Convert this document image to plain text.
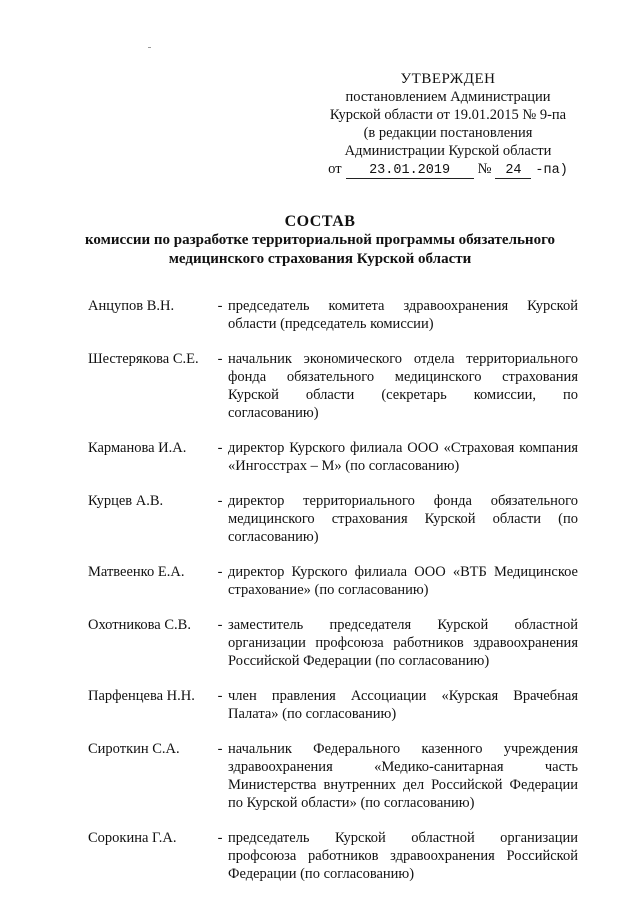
УТВЕРЖДЕН
постановлением Администрации
Курской области от 19.01.2015 № 9-па
(в редакции постановления
Администрации Курской области
от	23.01.2019	№	24	-па)
СОСТАВ
комиссии по разработке территориальной программы обязательного
медицинского страхования Курской области
Анцупов В.Н.	- председатель комитета здравоохранения Курской области (председатель комиссии)
Шестерякова С.Е.	- начальник экономического отдела территориального фонда обязательного медицинского страхования Курской области (секретарь комиссии, по согласованию)
Карманова И.А.	- директор Курского филиала ООО «Страховая компания «Ингосстрах – М» (по согласованию)
Курцев А.В.	- директор территориального фонда обязательного медицинского страхования Курской области (по согласованию)
Матвеенко Е.А.	- директор Курского филиала ООО «ВТБ Медицинское страхование» (по согласованию)
Охотникова С.В.	- заместитель председателя Курской областной организации профсоюза работников здравоохранения Российской Федерации (по согласованию)
Парфенцева Н.Н.	- член правления Ассоциации «Курская Врачебная Палата» (по согласованию)
Сироткин С.А.	- начальник Федерального казенного учреждения здравоохранения «Медико-санитарная часть Министерства внутренних дел Российской Федерации по Курской области» (по согласованию)
Сорокина Г.А.	- председатель Курской областной организации профсоюза работников здравоохранения Российской Федерации (по согласованию)
